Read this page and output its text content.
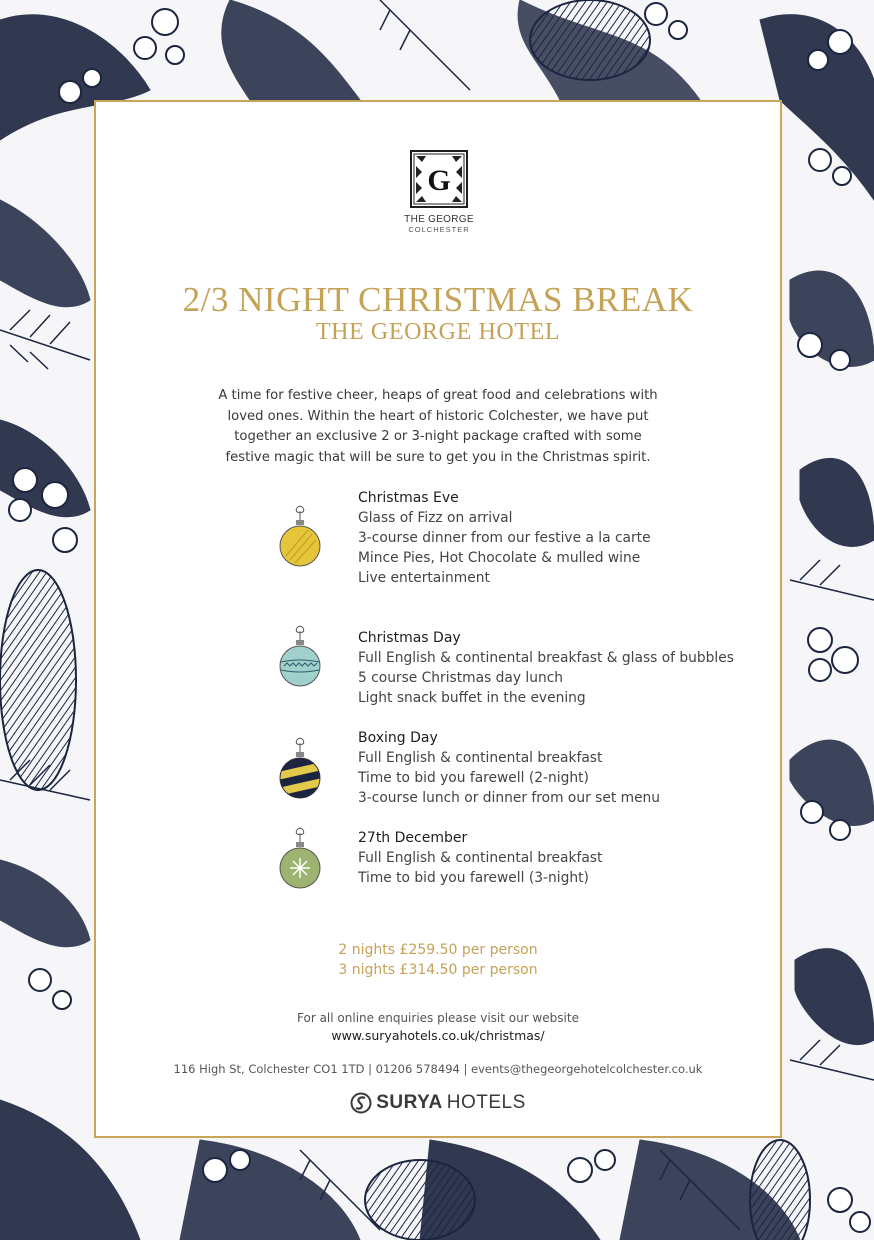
G
THE GEORGE
COLCHESTER
2/3 NIGHT CHRISTMAS BREAK
THE GEORGE HOTEL
A time for festive cheer, heaps of great food and celebrations with
loved ones. Within the heart of historic Colchester, we have put
together an exclusive 2 or 3-night package crafted with some
festive magic that will be sure to get you in the Christmas spirit.
Christmas Eve
Glass of Fizz on arrival
3-course dinner from our festive a la carte
Mince Pies, Hot Chocolate & mulled wine
Live entertainment
Christmas Day
Full English & continental breakfast & glass of bubbles
5 course Christmas day lunch
Light snack buffet in the evening
Boxing Day
Full English & continental breakfast
Time to bid you farewell (2-night)
3-course lunch or dinner from our set menu
27th December
Full English & continental breakfast
Time to bid you farewell (3-night)
2 nights £259.50 per person
3 nights £314.50 per person
For all online enquiries please visit our website
www.suryahotels.co.uk/christmas/
116 High St, Colchester CO1 1TD | 01206 578494 | events@thegeorgehotelcolchester.co.uk
SURYA HOTELS
